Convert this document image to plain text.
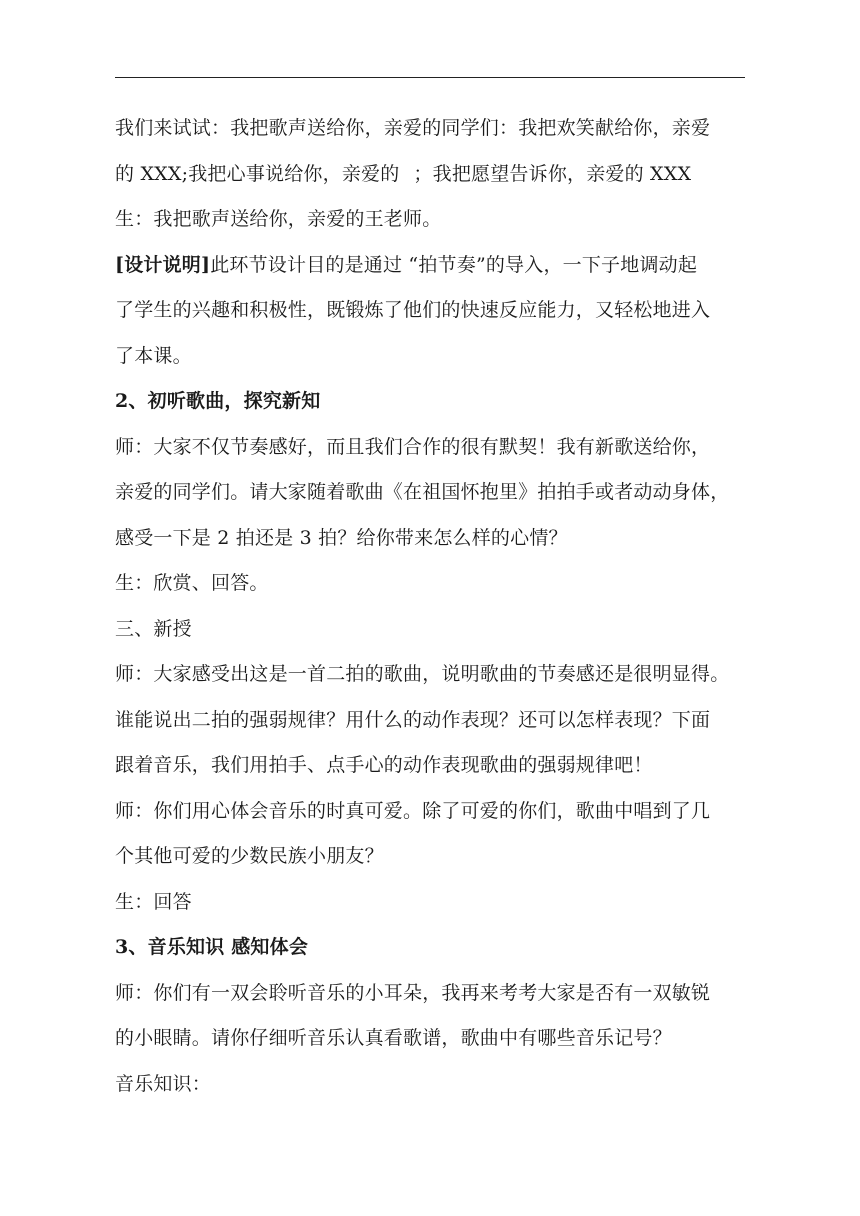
我们来试试：我把歌声送给你，亲爱的同学们：我把欢笑献给你，亲爱
的 XXX;我把心事说给你，亲爱的 ；我把愿望告诉你，亲爱的 XXX
生：我把歌声送给你，亲爱的王老师。
[设计说明]此环节设计目的是通过 “拍节奏”的导入，一下子地调动起
了学生的兴趣和积极性，既锻炼了他们的快速反应能力，又轻松地进入
了本课。
2、初听歌曲，探究新知
师：大家不仅节奏感好，而且我们合作的很有默契！我有新歌送给你，
亲爱的同学们。请大家随着歌曲《在祖国怀抱里》拍拍手或者动动身体，
感受一下是 2 拍还是 3 拍？给你带来怎么样的心情？
生：欣赏、回答。
三、新授
师：大家感受出这是一首二拍的歌曲，说明歌曲的节奏感还是很明显得。
谁能说出二拍的强弱规律？用什么的动作表现？还可以怎样表现？下面
跟着音乐，我们用拍手、点手心的动作表现歌曲的强弱规律吧！
师：你们用心体会音乐的时真可爱。除了可爱的你们，歌曲中唱到了几
个其他可爱的少数民族小朋友？
生：回答
3、音乐知识 感知体会
师：你们有一双会聆听音乐的小耳朵，我再来考考大家是否有一双敏锐
的小眼睛。请你仔细听音乐认真看歌谱，歌曲中有哪些音乐记号？
音乐知识：
